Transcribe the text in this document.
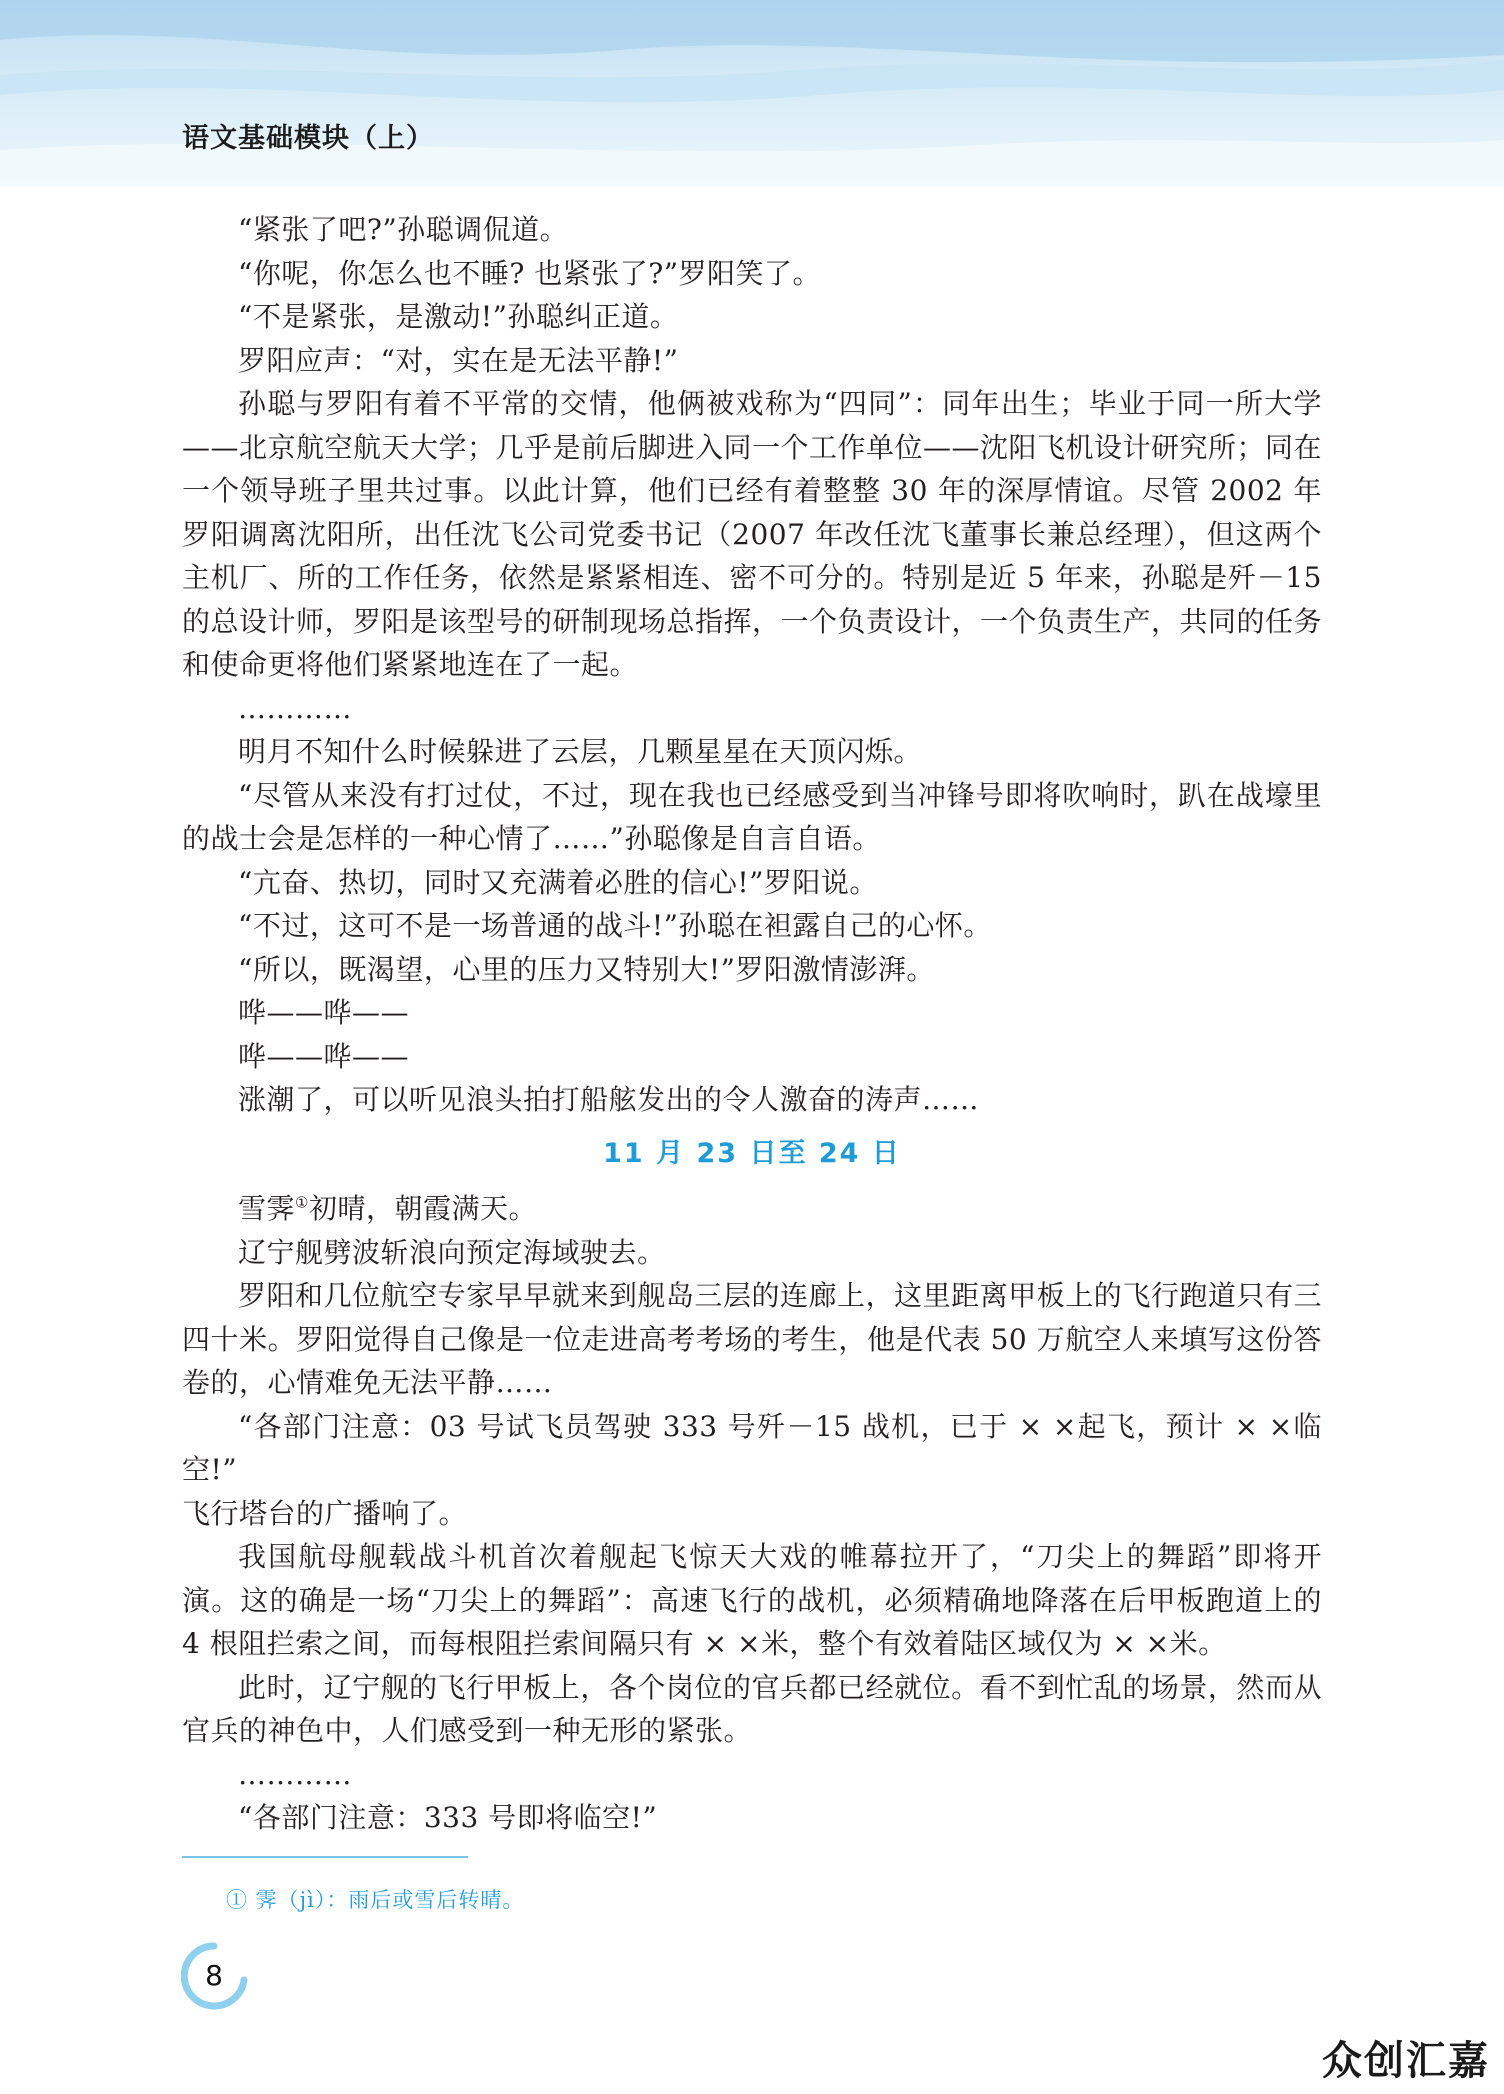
语文基础模块（上）

“紧张了吧?”孙聪调侃道。

“你呢，你怎么也不睡? 也紧张了?”罗阳笑了。

“不是紧张，是激动!”孙聪纠正道。

罗阳应声：“对，实在是无法平静!”

孙聪与罗阳有着不平常的交情，他俩被戏称为“四同”：同年出生；毕业于同一所大学——北京航空航天大学；几乎是前后脚进入同一个工作单位——沈阳飞机设计研究所；同在一个领导班子里共过事。以此计算，他们已经有着整整 30 年的深厚情谊。尽管 2002 年罗阳调离沈阳所，出任沈飞公司党委书记（2007 年改任沈飞董事长兼总经理），但这两个主机厂、所的工作任务，依然是紧紧相连、密不可分的。特别是近 5 年来，孙聪是歼－15 的总设计师，罗阳是该型号的研制现场总指挥，一个负责设计，一个负责生产，共同的任务和使命更将他们紧紧地连在了一起。

…………

明月不知什么时候躲进了云层，几颗星星在天顶闪烁。

“尽管从来没有打过仗，不过，现在我也已经感受到当冲锋号即将吹响时，趴在战壕里的战士会是怎样的一种心情了……”孙聪像是自言自语。

“亢奋、热切，同时又充满着必胜的信心!”罗阳说。

“不过，这可不是一场普通的战斗!”孙聪在袒露自己的心怀。

“所以，既渴望，心里的压力又特别大!”罗阳激情澎湃。

哗——哗——

哗——哗——

涨潮了，可以听见浪头拍打船舷发出的令人激奋的涛声……

11 月 23 日至 24 日

雪霁①初晴，朝霞满天。

辽宁舰劈波斩浪向预定海域驶去。

罗阳和几位航空专家早早就来到舰岛三层的连廊上，这里距离甲板上的飞行跑道只有三四十米。罗阳觉得自己像是一位走进高考考场的考生，他是代表 50 万航空人来填写这份答卷的，心情难免无法平静……

“各部门注意：03 号试飞员驾驶 333 号歼－15 战机，已于 × ×起飞，预计 × ×临空!”

飞行塔台的广播响了。

我国航母舰载战斗机首次着舰起飞惊天大戏的帷幕拉开了，“刀尖上的舞蹈”即将开演。这的确是一场“刀尖上的舞蹈”：高速飞行的战机，必须精确地降落在后甲板跑道上的 4 根阻拦索之间，而每根阻拦索间隔只有 × ×米，整个有效着陆区域仅为 × ×米。

此时，辽宁舰的飞行甲板上，各个岗位的官兵都已经就位。看不到忙乱的场景，然而从官兵的神色中，人们感受到一种无形的紧张。

…………

“各部门注意：333 号即将临空!”

① 霁（jì）：雨后或雪后转晴。
8
众创汇嘉
